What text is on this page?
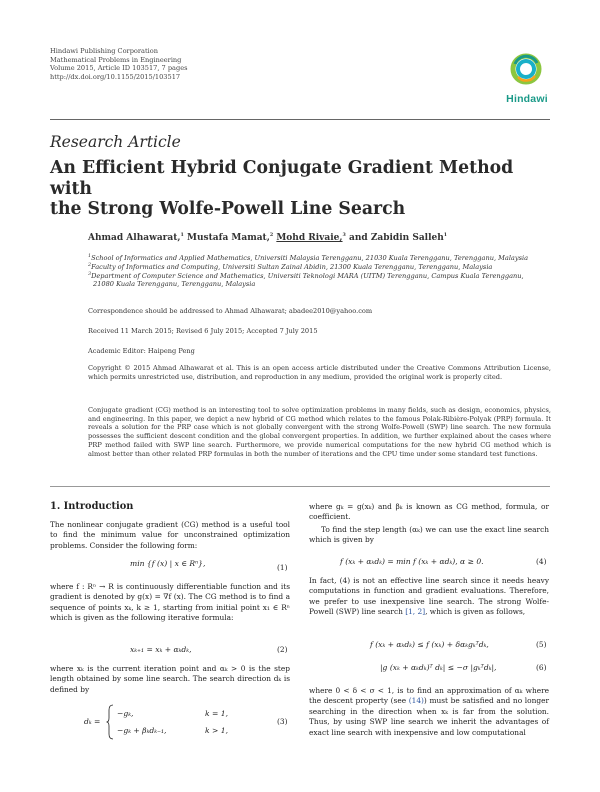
Hindawi Publishing Corporation
Mathematical Problems in Engineering
Volume 2015, Article ID 103517, 7 pages
http://dx.doi.org/10.1155/2015/103517
Hindawi
Research Article
An Efficient Hybrid Conjugate Gradient Method with
the Strong Wolfe-Powell Line Search
Ahmad Alhawarat,$^1$ Mustafa Mamat,$^2$ Mohd Rivaie,$^3$ and Zabidin Salleh$^1$
$^1$School of Informatics and Applied Mathematics, Universiti Malaysia Terengganu, 21030 Kuala Terengganu, Terengganu, Malaysia
$^2$Faculty of Informatics and Computing, Universiti Sultan Zainal Abidin, 21300 Kuala Terengganu, Terengganu, Malaysia
$^3$Department of Computer Science and Mathematics, Universiti Teknologi MARA (UITM) Terengganu, Campus Kuala Terengganu,
21080 Kuala Terengganu, Terengganu, Malaysia
Correspondence should be addressed to Ahmad Alhawarat; abadee2010@yahoo.com
Received 11 March 2015; Revised 6 July 2015; Accepted 7 July 2015
Academic Editor: Haipeng Peng
Copyright © 2015 Ahmad Alhawarat et al. This is an open access article distributed under the Creative Commons Attribution License, which permits unrestricted use, distribution, and reproduction in any medium, provided the original work is properly cited.
Conjugate gradient (CG) method is an interesting tool to solve optimization problems in many fields, such as design, economics, physics, and engineering. In this paper, we depict a new hybrid of CG method which relates to the famous Polak-Ribière-Polyak (PRP) formula. It reveals a solution for the PRP case which is not globally convergent with the strong Wolfe-Powell (SWP) line search. The new formula possesses the sufficient descent condition and the global convergent properties. In addition, we further explained about the cases where PRP method failed with SWP line search. Furthermore, we provide numerical computations for the new hybrid CG method which is almost better than other related PRP formulas in both the number of iterations and the CPU time under some standard test functions.
1. Introduction
The nonlinear conjugate gradient (CG) method is a useful tool to find the minimum value for unconstrained optimization problems. Consider the following form:
min {f (x) | x ∈ Rⁿ},	(1)
where f : Rⁿ → R is continuously differentiable function and its gradient is denoted by g(x) = ∇f (x). The CG method is to find a sequence of points xₖ, k ≥ 1, starting from initial point x₁ ∈ Rⁿ which is given as the following iterative formula:
xₖ₊₁ = xₖ + αₖdₖ,	(2)
where xₖ is the current iteration point and αₖ > 0 is the step length obtained by some line search. The search direction dₖ is defined by
dₖ =
−gₖ,	k = 1,
−gₖ + βₖdₖ₋₁,	k > 1,
(3)
where gₖ = g(xₖ) and βₖ is known as CG method, formula, or coefficient.
To find the step length (αₖ) we can use the exact line search which is given by
f (xₖ + αₖdₖ) = min f (xₖ + αdₖ), α ≥ 0.	(4)
In fact, (4) is not an effective line search since it needs heavy computations in function and gradient evaluations. Therefore, we prefer to use inexpensive line search. The strong Wolfe-Powell (SWP) line search [1, 2], which is given as follows,
f (xₖ + αₖdₖ) ≤ f (xₖ) + δαₖgₖᵀdₖ,	(5)
|g (xₖ + αₖdₖ)ᵀ dₖ| ≤ −σ |gₖᵀdₖ|,	(6)
where 0 < δ < σ < 1, is to find an approximation of αₖ where the descent property (see (14)) must be satisfied and no longer searching in the direction when xₖ is far from the solution. Thus, by using SWP line search we inherit the advantages of exact line search with inexpensive and low computational
